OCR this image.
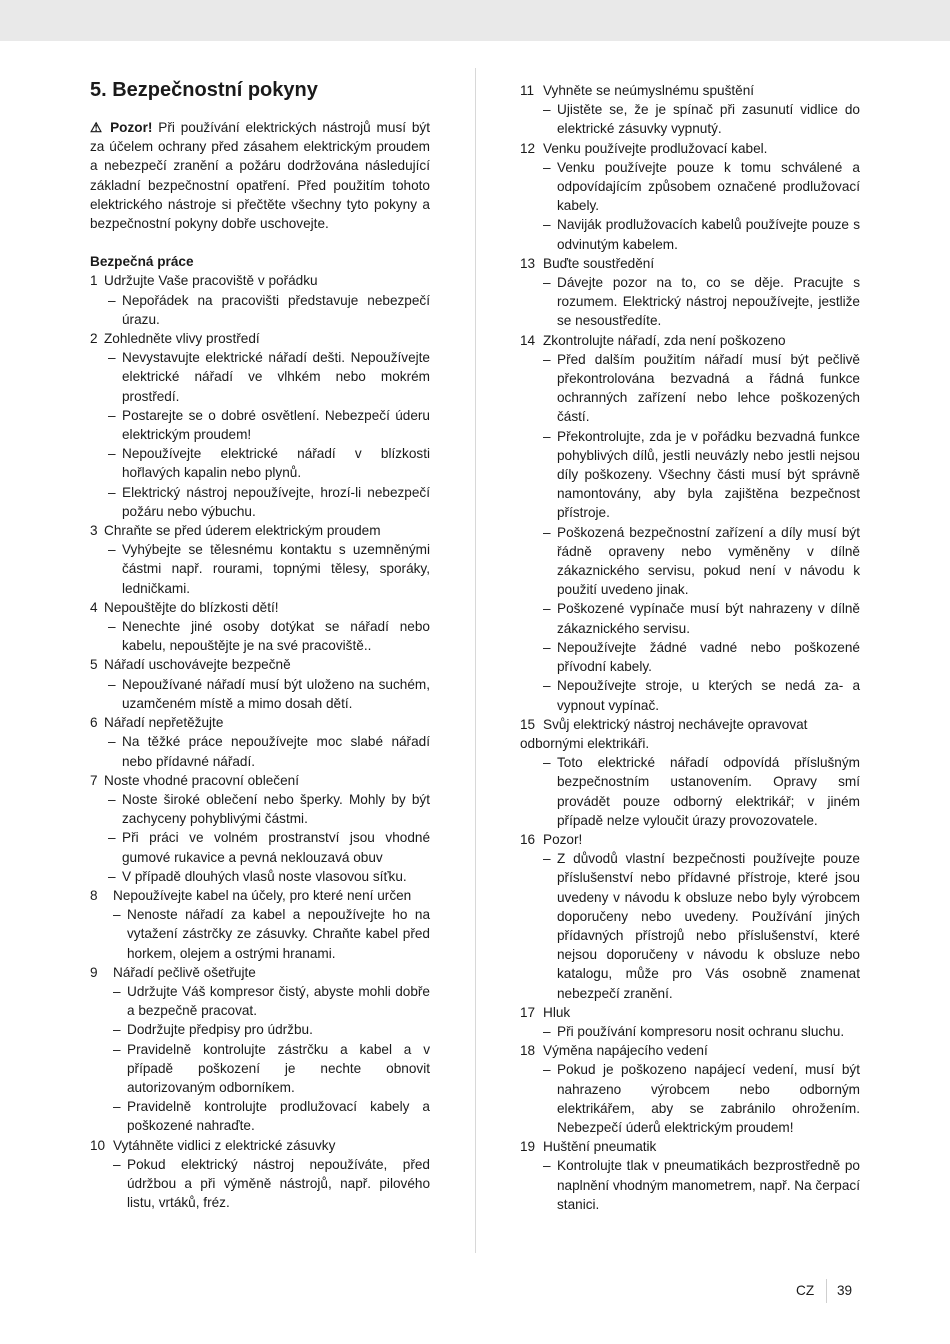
5. Bezpečnostní pokyny

⚠ Pozor! Při používání elektrických nástrojů musí být za účelem ochrany před zásahem elektrickým proudem a nebezpečí zranění a požáru dodržována následující základní bezpečnostní opatření. Před použitím tohoto elektrického nástroje si přečtěte všechny tyto pokyny a bezpečnostní pokyny dobře uschovejte.

Bezpečná práce
1 Udržujte Vaše pracoviště v pořádku
– Nepořádek na pracovišti představuje nebezpečí úrazu.
2 Zohledněte vlivy prostředí
– Nevystavujte elektrické nářadí dešti. Nepoužívejte elektrické nářadí ve vlhkém nebo mokrém prostředí.
– Postarejte se o dobré osvětlení. Nebezpečí úderu elektrickým proudem!
– Nepoužívejte elektrické nářadí v blízkosti hořlavých kapalin nebo plynů.
– Elektrický nástroj nepoužívejte, hrozí-li nebezpečí požáru nebo výbuchu.
3 Chraňte se před úderem elektrickým proudem
– Vyhýbejte se tělesnému kontaktu s uzemněnými částmi např. rourami, topnými tělesy, sporáky, ledničkami.
4 Nepouštějte do blízkosti dětí!
– Nenechte jiné osoby dotýkat se nářadí nebo kabelu, nepouštějte je na své pracoviště..
5 Nářadí uschovávejte bezpečně
– Nepoužívané nářadí musí být uloženo na suchém, uzamčeném místě a mimo dosah dětí.
6 Nářadí nepřetěžujte
– Na těžké práce nepoužívejte moc slabé nářadí nebo přídavné nářadí.
7 Noste vhodné pracovní oblečení
– Noste široké oblečení nebo šperky. Mohly by být zachyceny pohyblivými částmi.
– Při práci ve volném prostranství jsou vhodné gumové rukavice a pevná neklouzavá obuv
– V případě dlouhých vlasů noste vlasovou síťku.
8 Nepoužívejte kabel na účely, pro které není určen
– Nenoste nářadí za kabel a nepoužívejte ho na vytažení zástrčky ze zásuvky. Chraňte kabel před horkem, olejem a ostrými hranami.
9 Nářadí pečlivě ošetřujte
– Udržujte Váš kompresor čistý, abyste mohli dobře a bezpečně pracovat.
– Dodržujte předpisy pro údržbu.
– Pravidelně kontrolujte zástrčku a kabel a v případě poškození je nechte obnovit autorizovaným odborníkem.
– Pravidelně kontrolujte prodlužovací kabely a poškozené nahraďte.
10 Vytáhněte vidlici z elektrické zásuvky
– Pokud elektrický nástroj nepoužíváte, před údržbou a při výměně nástrojů, např. pilového listu, vrtáků, fréz.
11 Vyhněte se neúmyslnému spuštění
– Ujistěte se, že je spínač při zasunutí vidlice do elektrické zásuvky vypnutý.
12 Venku používejte prodlužovací kabel.
– Venku používejte pouze k tomu schválené a odpovídajícím způsobem označené prodlužovací kabely.
– Naviják prodlužovacích kabelů používejte pouze s odvinutým kabelem.
13 Buďte soustředění
– Dávejte pozor na to, co se děje. Pracujte s rozumem. Elektrický nástroj nepoužívejte, jestliže se nesoustředíte.
14 Zkontrolujte nářadí, zda není poškozeno
– Před dalším použitím nářadí musí být pečlivě překontrolována bezvadná a řádná funkce ochranných zařízení nebo lehce poškozených částí.
– Překontrolujte, zda je v pořádku bezvadná funkce pohyblivých dílů, jestli neuvázly nebo jestli nejsou díly poškozeny. Všechny části musí být správně namontovány, aby byla zajištěna bezpečnost přístroje.
– Poškozená bezpečnostní zařízení a díly musí být řádně opraveny nebo vyměněny v dílně zákaznického servisu, pokud není v návodu k použití uvedeno jinak.
– Poškozené vypínače musí být nahrazeny v dílně zákaznického servisu.
– Nepoužívejte žádné vadné nebo poškozené přívodní kabely.
– Nepoužívejte stroje, u kterých se nedá za- a vypnout vypínač.
15 Svůj elektrický nástroj nechávejte opravovat odbornými elektrikáři.
– Toto elektrické nářadí odpovídá příslušným bezpečnostním ustanovením. Opravy smí provádět pouze odborný elektrikář; v jiném případě nelze vyloučit úrazy provozovatele.
16 Pozor!
– Z důvodů vlastní bezpečnosti používejte pouze příslušenství nebo přídavné přístroje, které jsou uvedeny v návodu k obsluze nebo byly výrobcem doporučeny nebo uvedeny. Používání jiných přídavných přístrojů nebo příslušenství, které nejsou doporučeny v návodu k obsluze nebo katalogu, může pro Vás osobně znamenat nebezpečí zranění.
17 Hluk
– Při používání kompresoru nosit ochranu sluchu.
18 Výměna napájecího vedení
– Pokud je poškozeno napájecí vedení, musí být nahrazeno výrobcem nebo odborným elektrikářem, aby se zabránilo ohrožením. Nebezpečí úderů elektrickým proudem!
19 Huštění pneumatik
– Kontrolujte tlak v pneumatikách bezprostředně po naplnění vhodným manometrem, např. Na čerpací stanici.
CZ 39
